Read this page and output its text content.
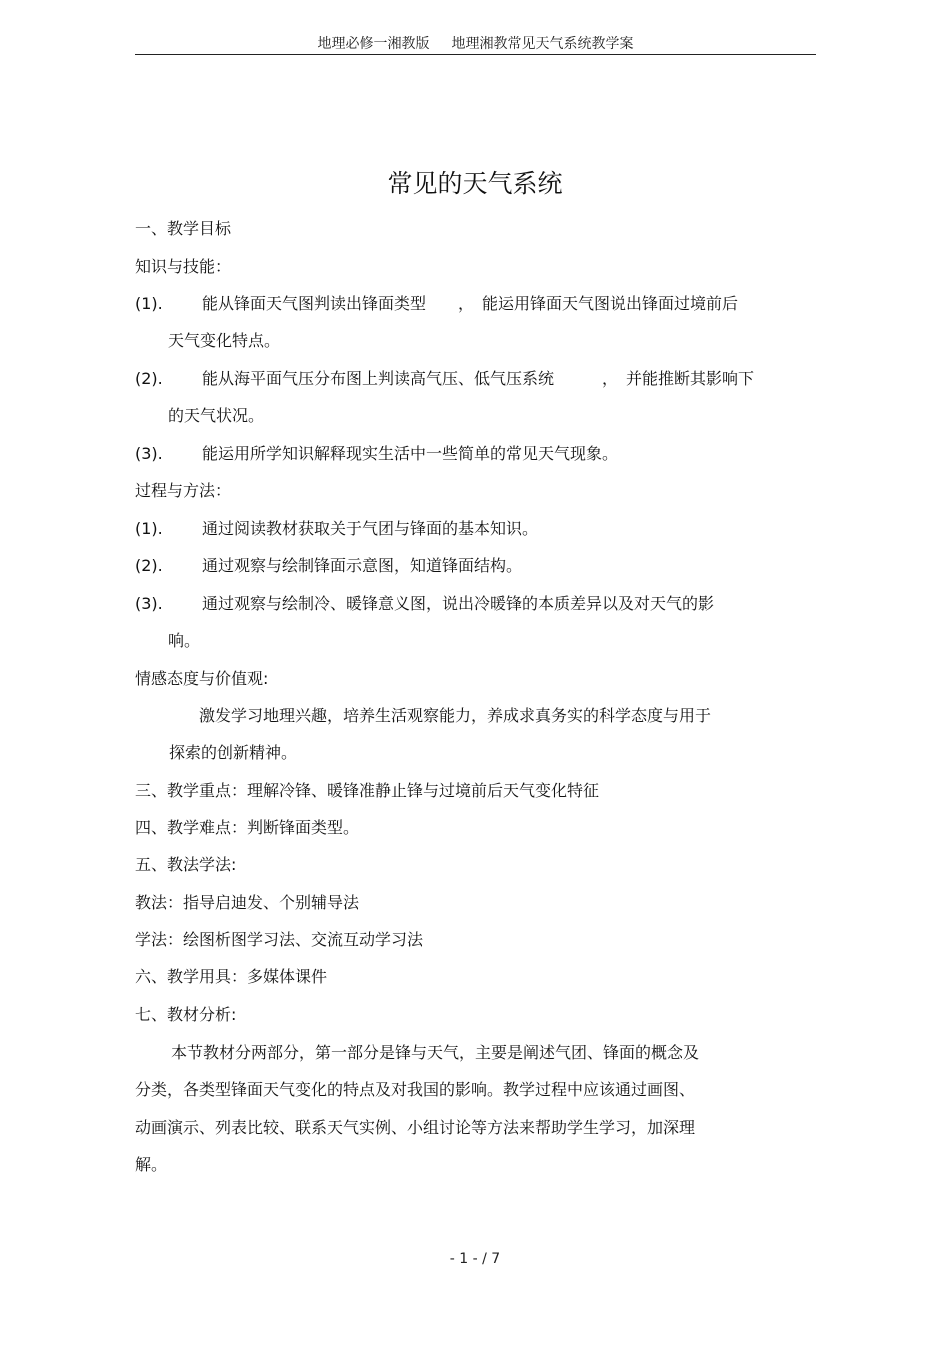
地理必修一湘教版 地理湘教常见天气系统教学案
常见的天气系统
一、教学目标
知识与技能：
(1).	能从锋面天气图判读出锋面类型　　，　能运用锋面天气图说出锋面过境前后
天气变化特点。
(2).	能从海平面气压分布图上判读高气压、低气压系统　　　，　并能推断其影响下
的天气状况。
(3).	能运用所学知识解释现实生活中一些简单的常见天气现象。
过程与方法：
(1).	通过阅读教材获取关于气团与锋面的基本知识。
(2).	通过观察与绘制锋面示意图，知道锋面结构。
(3).	通过观察与绘制冷、暖锋意义图，说出冷暖锋的本质差异以及对天气的影
响。
情感态度与价值观:
激发学习地理兴趣，培养生活观察能力，养成求真务实的科学态度与用于
探索的创新精神。
三、教学重点：理解冷锋、暖锋准静止锋与过境前后天气变化特征
四、教学难点：判断锋面类型。
五、教法学法:
教法：指导启迪发、个别辅导法
学法：绘图析图学习法、交流互动学习法
六、教学用具：多媒体课件
七、教材分析:
本节教材分两部分，第一部分是锋与天气，主要是阐述气团、锋面的概念及
分类，各类型锋面天气变化的特点及对我国的影响。教学过程中应该通过画图、
动画演示、列表比较、联系天气实例、小组讨论等方法来帮助学生学习，加深理
解。
- 1 - / 7
